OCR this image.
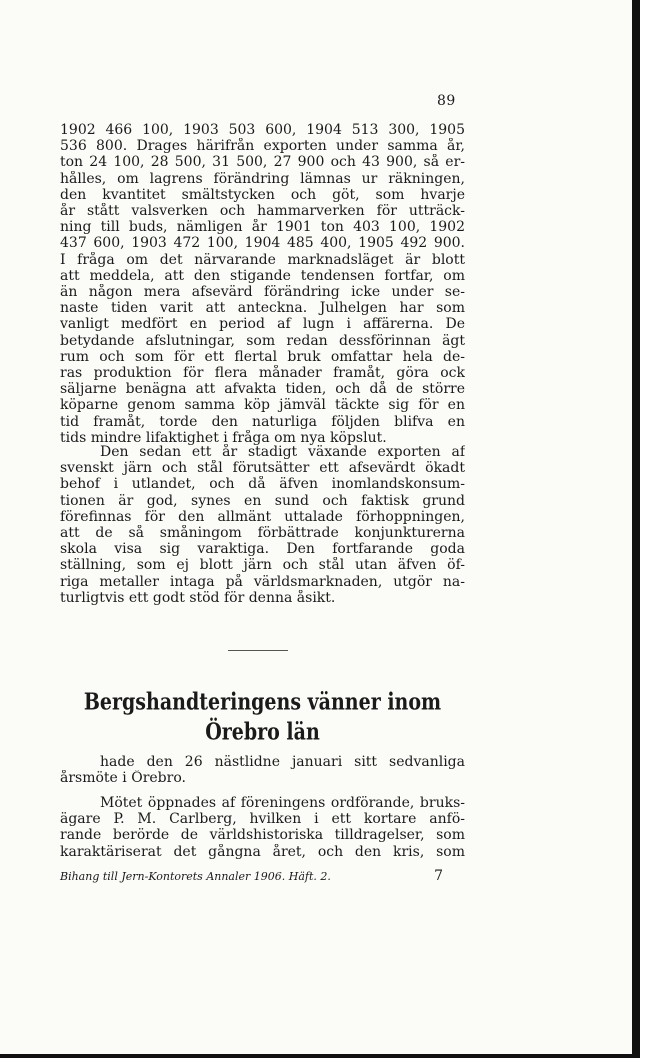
89
1902 466 100, 1903 503 600, 1904 513 300, 1905
536 800. Drages härifrån exporten under samma år,
ton 24 100, 28 500, 31 500, 27 900 och 43 900, så er-
hålles, om lagrens förändring lämnas ur räkningen,
den kvantitet smältstycken och göt, som hvarje
år stått valsverken och hammarverken för utträck-
ning till buds, nämligen år 1901 ton 403 100, 1902
437 600, 1903 472 100, 1904 485 400, 1905 492 900.
I fråga om det närvarande marknadsläget är blott
att meddela, att den stigande tendensen fortfar, om
än någon mera afsevärd förändring icke under se-
naste tiden varit att anteckna. Julhelgen har som
vanligt medfört en period af lugn i affärerna. De
betydande afslutningar, som redan dessförinnan ägt
rum och som för ett flertal bruk omfattar hela de-
ras produktion för flera månader framåt, göra ock
säljarne benägna att afvakta tiden, och då de större
köparne genom samma köp jämväl täckte sig för en
tid framåt, torde den naturliga följden blifva en
tids mindre lifaktighet i fråga om nya köpslut.
Den sedan ett år stadigt växande exporten af
svenskt järn och stål förutsätter ett afsevärdt ökadt
behof i utlandet, och då äfven inomlandskonsum-
tionen är god, synes en sund och faktisk grund
förefinnas för den allmänt uttalade förhoppningen,
att de så småningom förbättrade konjunkturerna
skola visa sig varaktiga. Den fortfarande goda
ställning, som ej blott järn och stål utan äfven öf-
riga metaller intaga på världsmarknaden, utgör na-
turligtvis ett godt stöd för denna åsikt.
Bergshandteringens vänner inom
Örebro län
hade den 26 nästlidne januari sitt sedvanliga
årsmöte i Örebro.
Mötet öppnades af föreningens ordförande, bruks-
ägare P. M. Carlberg, hvilken i ett kortare anfö-
rande berörde de världshistoriska tilldragelser, som
karaktäriserat det gångna året, och den kris, som
Bihang till Jern-Kontorets Annaler 1906. Häft. 2.	7
